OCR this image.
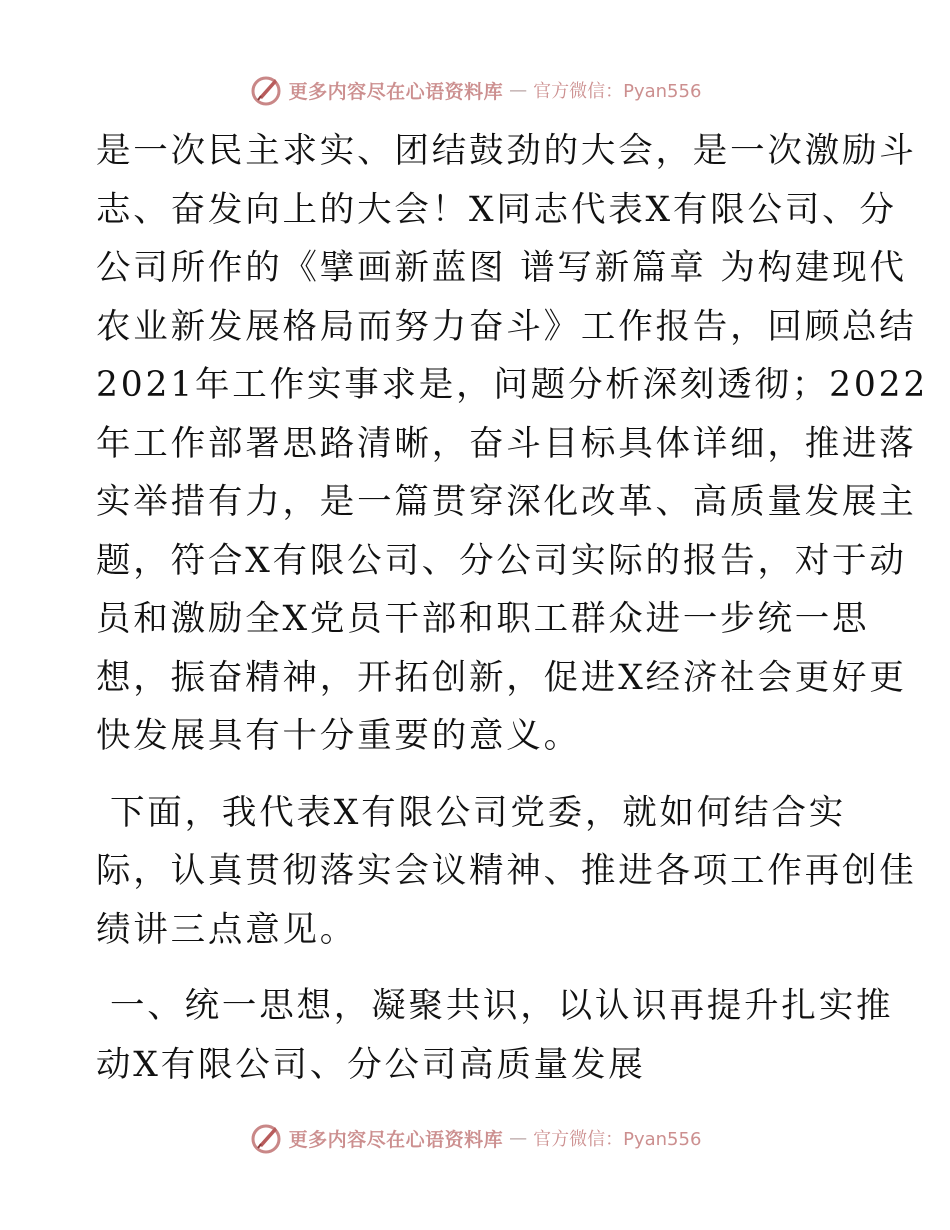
更多内容尽在心语资料库 — 官方微信：Pyan556

是一次民主求实、团结鼓劲的大会，是一次激励斗
志、奋发向上的大会！X同志代表X有限公司、分
公司所作的《擘画新蓝图 谱写新篇章 为构建现代
农业新发展格局而努力奋斗》工作报告，回顾总结
2021年工作实事求是，问题分析深刻透彻；2022
年工作部署思路清晰，奋斗目标具体详细，推进落
实举措有力，是一篇贯穿深化改革、高质量发展主
题，符合X有限公司、分公司实际的报告，对于动
员和激励全X党员干部和职工群众进一步统一思
想，振奋精神，开拓创新，促进X经济社会更好更
快发展具有十分重要的意义。

下面，我代表X有限公司党委，就如何结合实
际，认真贯彻落实会议精神、推进各项工作再创佳
绩讲三点意见。

一、统一思想，凝聚共识，以认识再提升扎实推
动X有限公司、分公司高质量发展

更多内容尽在心语资料库 — 官方微信：Pyan556
